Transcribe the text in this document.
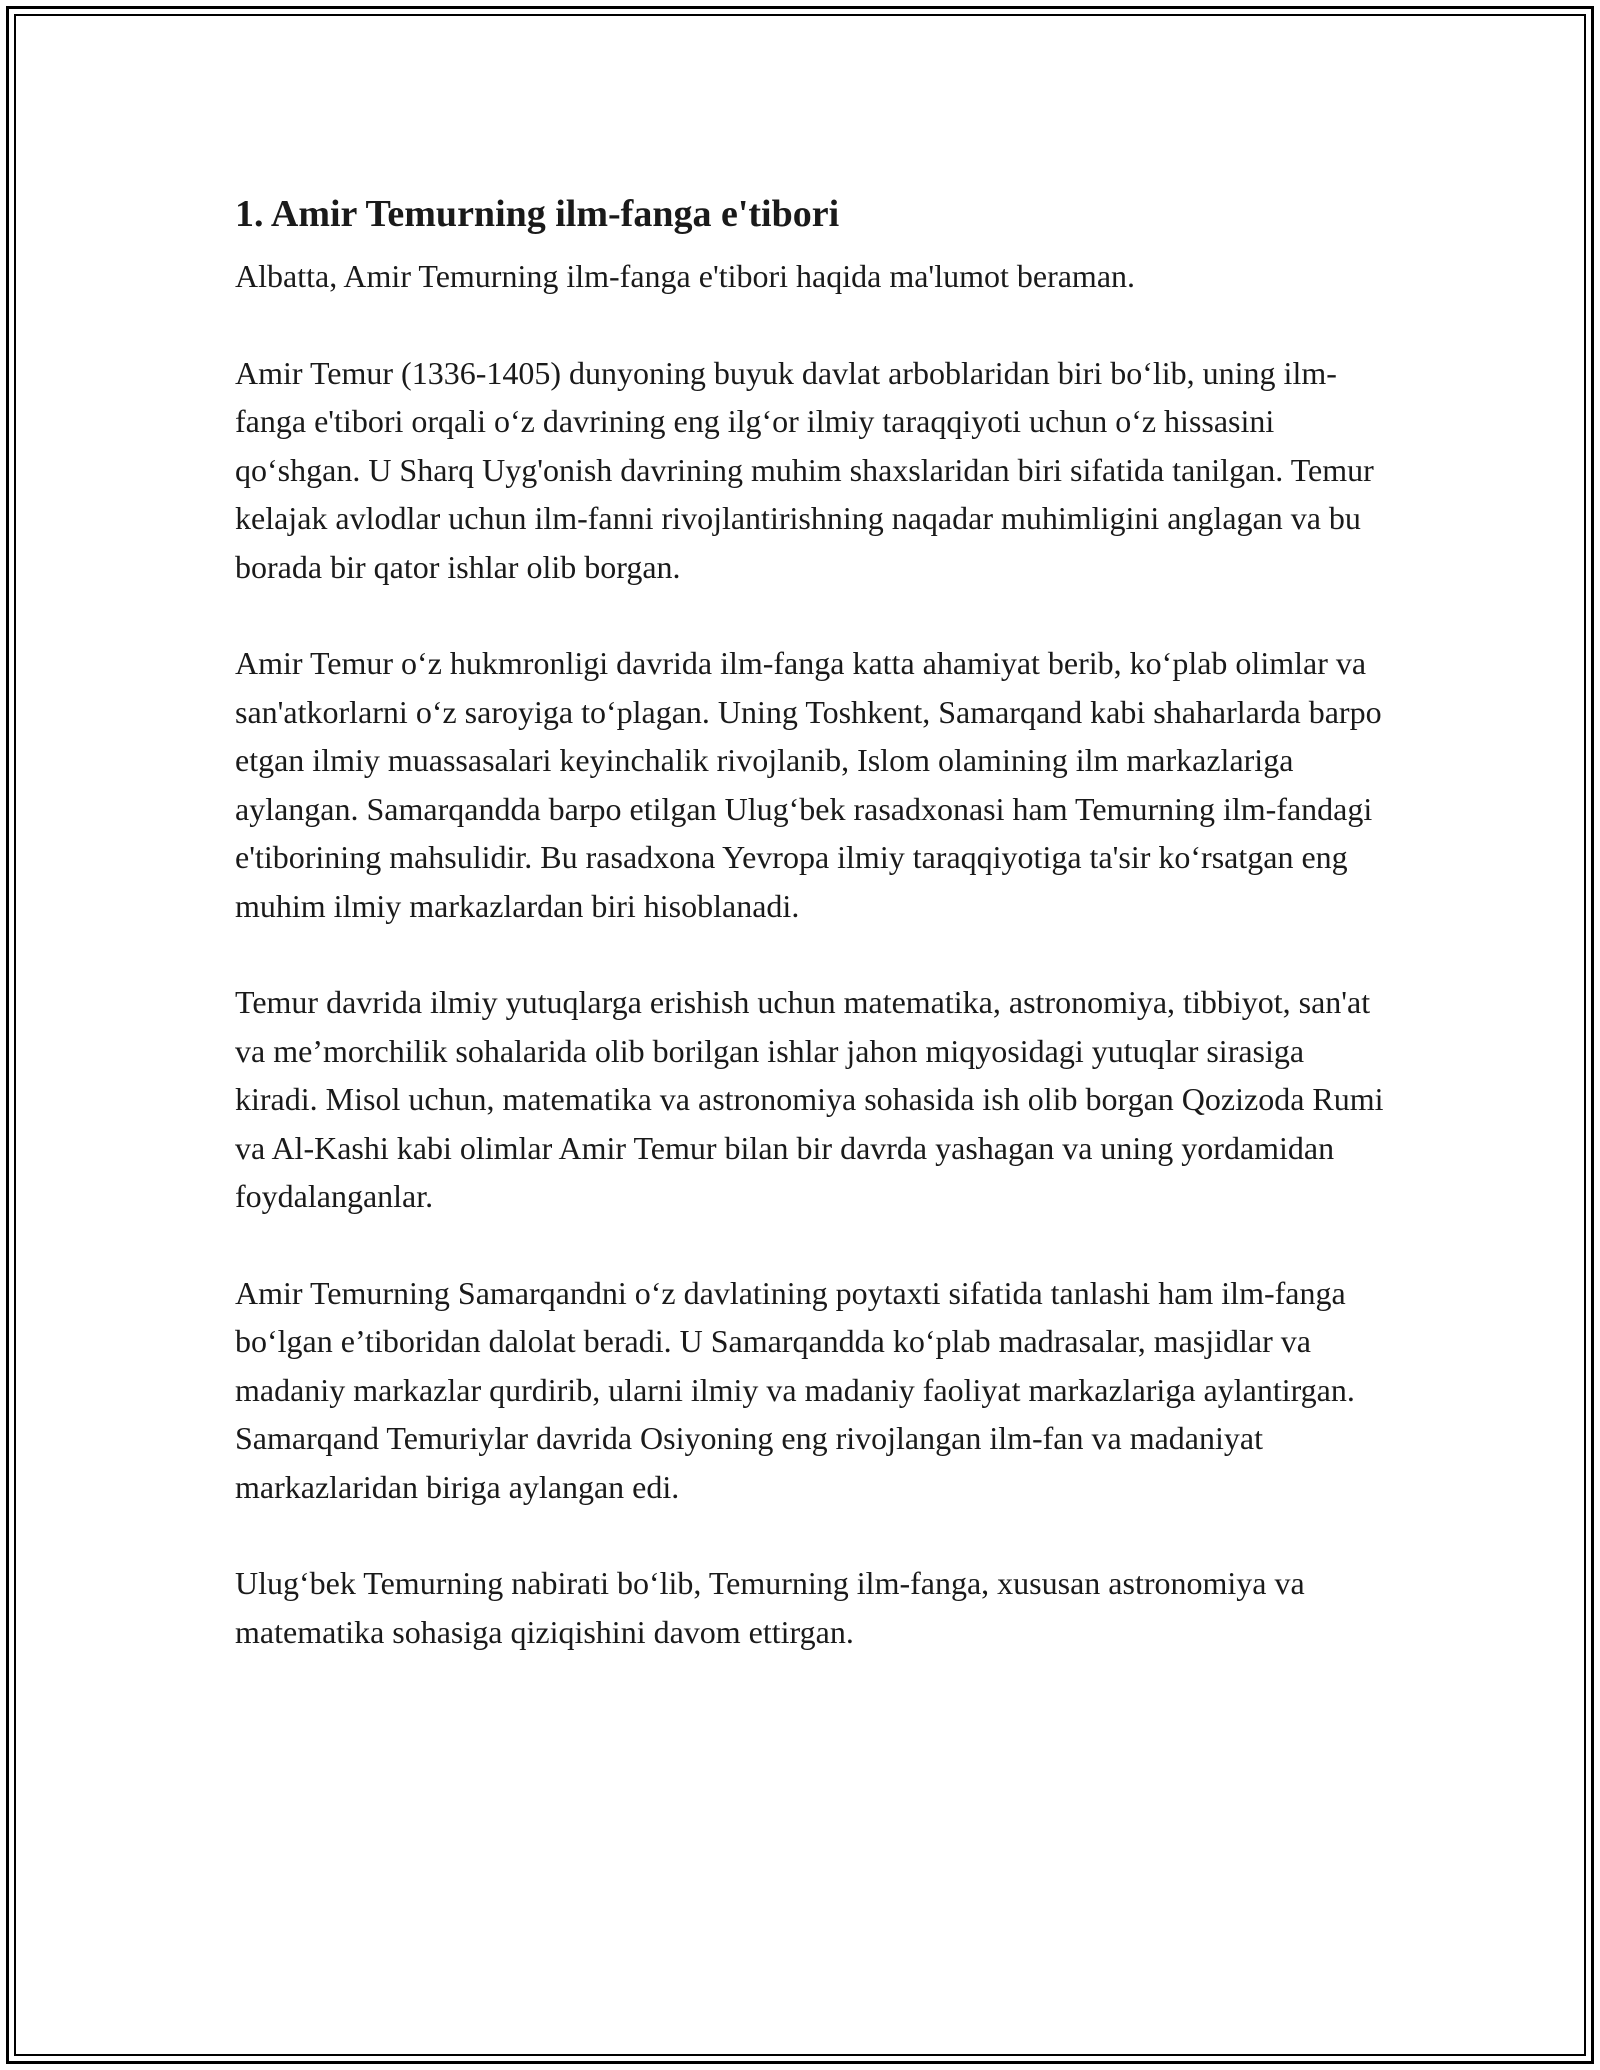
1. Amir Temurning ilm-fanga e'tibori

Albatta, Amir Temurning ilm-fanga e'tibori haqida ma'lumot beraman.

Amir Temur (1336-1405) dunyoning buyuk davlat arboblaridan biri bo‘lib, uning ilm-fanga e'tibori orqali o‘z davrining eng ilg‘or ilmiy taraqqiyoti uchun o‘z hissasini qo‘shgan. U Sharq Uyg'onish davrining muhim shaxslaridan biri sifatida tanilgan. Temur kelajak avlodlar uchun ilm-fanni rivojlantirishning naqadar muhimligini anglagan va bu borada bir qator ishlar olib borgan.

Amir Temur o‘z hukmronligi davrida ilm-fanga katta ahamiyat berib, ko‘plab olimlar va san'atkorlarni o‘z saroyiga to‘plagan. Uning Toshkent, Samarqand kabi shaharlarda barpo etgan ilmiy muassasalari keyinchalik rivojlanib, Islom olamining ilm markazlariga aylangan. Samarqandda barpo etilgan Ulug‘bek rasadxonasi ham Temurning ilm-fandagi e'tiborining mahsulidir. Bu rasadxona Yevropa ilmiy taraqqiyotiga ta'sir ko‘rsatgan eng muhim ilmiy markazlardan biri hisoblanadi.

Temur davrida ilmiy yutuqlarga erishish uchun matematika, astronomiya, tibbiyot, san'at va me’morchilik sohalarida olib borilgan ishlar jahon miqyosidagi yutuqlar sirasiga kiradi. Misol uchun, matematika va astronomiya sohasida ish olib borgan Qozizoda Rumi va Al-Kashi kabi olimlar Amir Temur bilan bir davrda yashagan va uning yordamidan foydalanganlar.

Amir Temurning Samarqandni o‘z davlatining poytaxti sifatida tanlashi ham ilm-fanga bo‘lgan e’tiboridan dalolat beradi. U Samarqandda ko‘plab madrasalar, masjidlar va madaniy markazlar qurdirib, ularni ilmiy va madaniy faoliyat markazlariga aylantirgan. Samarqand Temuriylar davrida Osiyoning eng rivojlangan ilm-fan va madaniyat markazlaridan biriga aylangan edi.

Ulug‘bek Temurning nabirati bo‘lib, Temurning ilm-fanga, xususan astronomiya va matematika sohasiga qiziqishini davom ettirgan.
